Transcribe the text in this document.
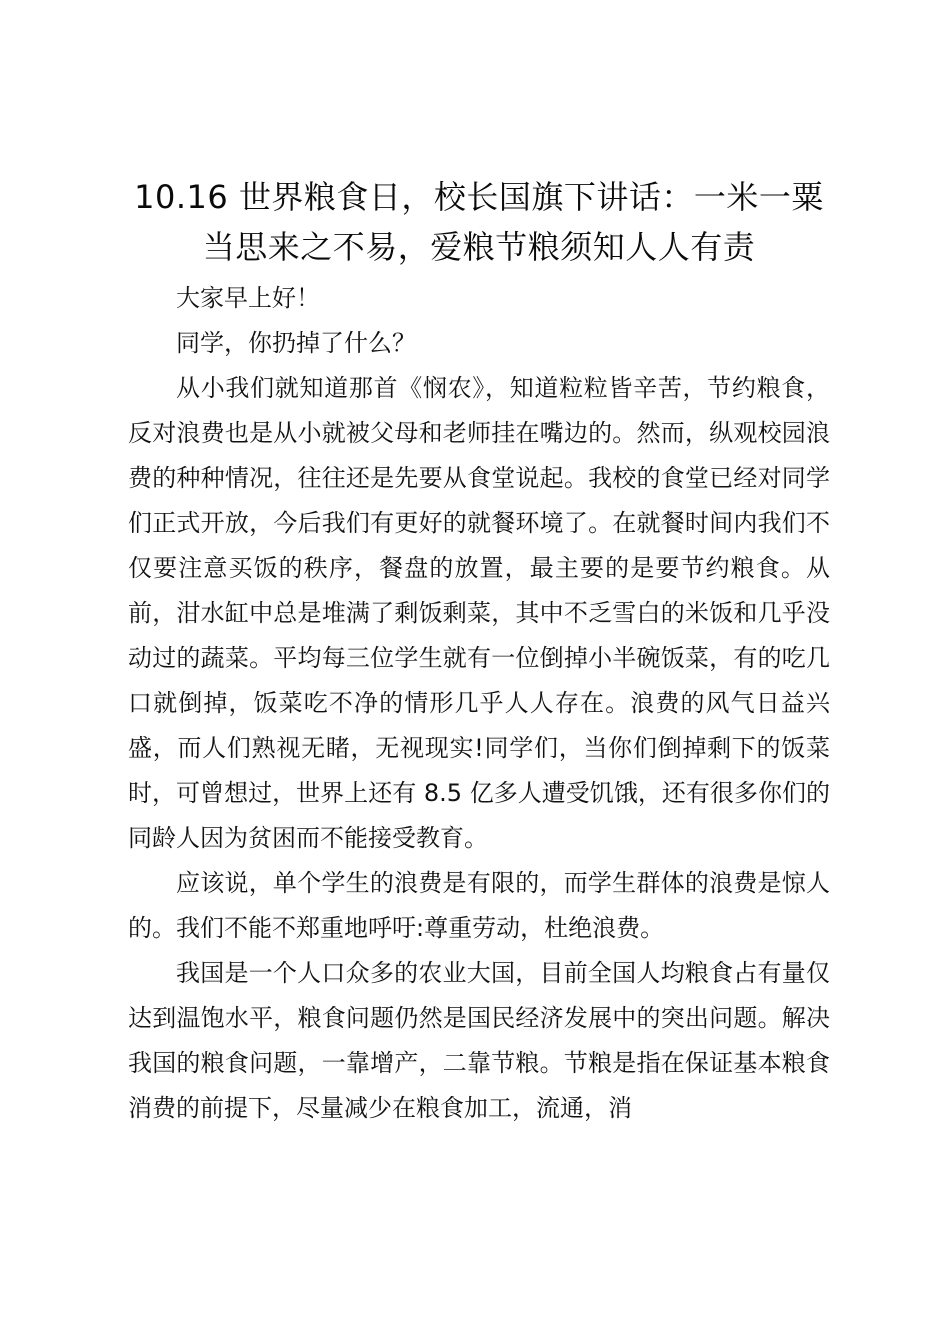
10.16 世界粮食日，校长国旗下讲话：一米一粟当思来之不易，爱粮节粮须知人人有责

大家早上好！

同学，你扔掉了什么？

从小我们就知道那首《悯农》，知道粒粒皆辛苦，节约粮食，反对浪费也是从小就被父母和老师挂在嘴边的。然而，纵观校园浪费的种种情况，往往还是先要从食堂说起。我校的食堂已经对同学们正式开放，今后我们有更好的就餐环境了。在就餐时间内我们不仅要注意买饭的秩序，餐盘的放置，最主要的是要节约粮食。从前，泔水缸中总是堆满了剩饭剩菜，其中不乏雪白的米饭和几乎没动过的蔬菜。平均每三位学生就有一位倒掉小半碗饭菜，有的吃几口就倒掉，饭菜吃不净的情形几乎人人存在。浪费的风气日益兴盛，而人们熟视无睹，无视现实!同学们，当你们倒掉剩下的饭菜时，可曾想过，世界上还有 8.5 亿多人遭受饥饿，还有很多你们的同龄人因为贫困而不能接受教育。

应该说，单个学生的浪费是有限的，而学生群体的浪费是惊人的。我们不能不郑重地呼吁:尊重劳动，杜绝浪费。

我国是一个人口众多的农业大国，目前全国人均粮食占有量仅达到温饱水平，粮食问题仍然是国民经济发展中的突出问题。解决我国的粮食问题，一靠增产，二靠节粮。节粮是指在保证基本粮食消费的前提下，尽量减少在粮食加工，流通，消
